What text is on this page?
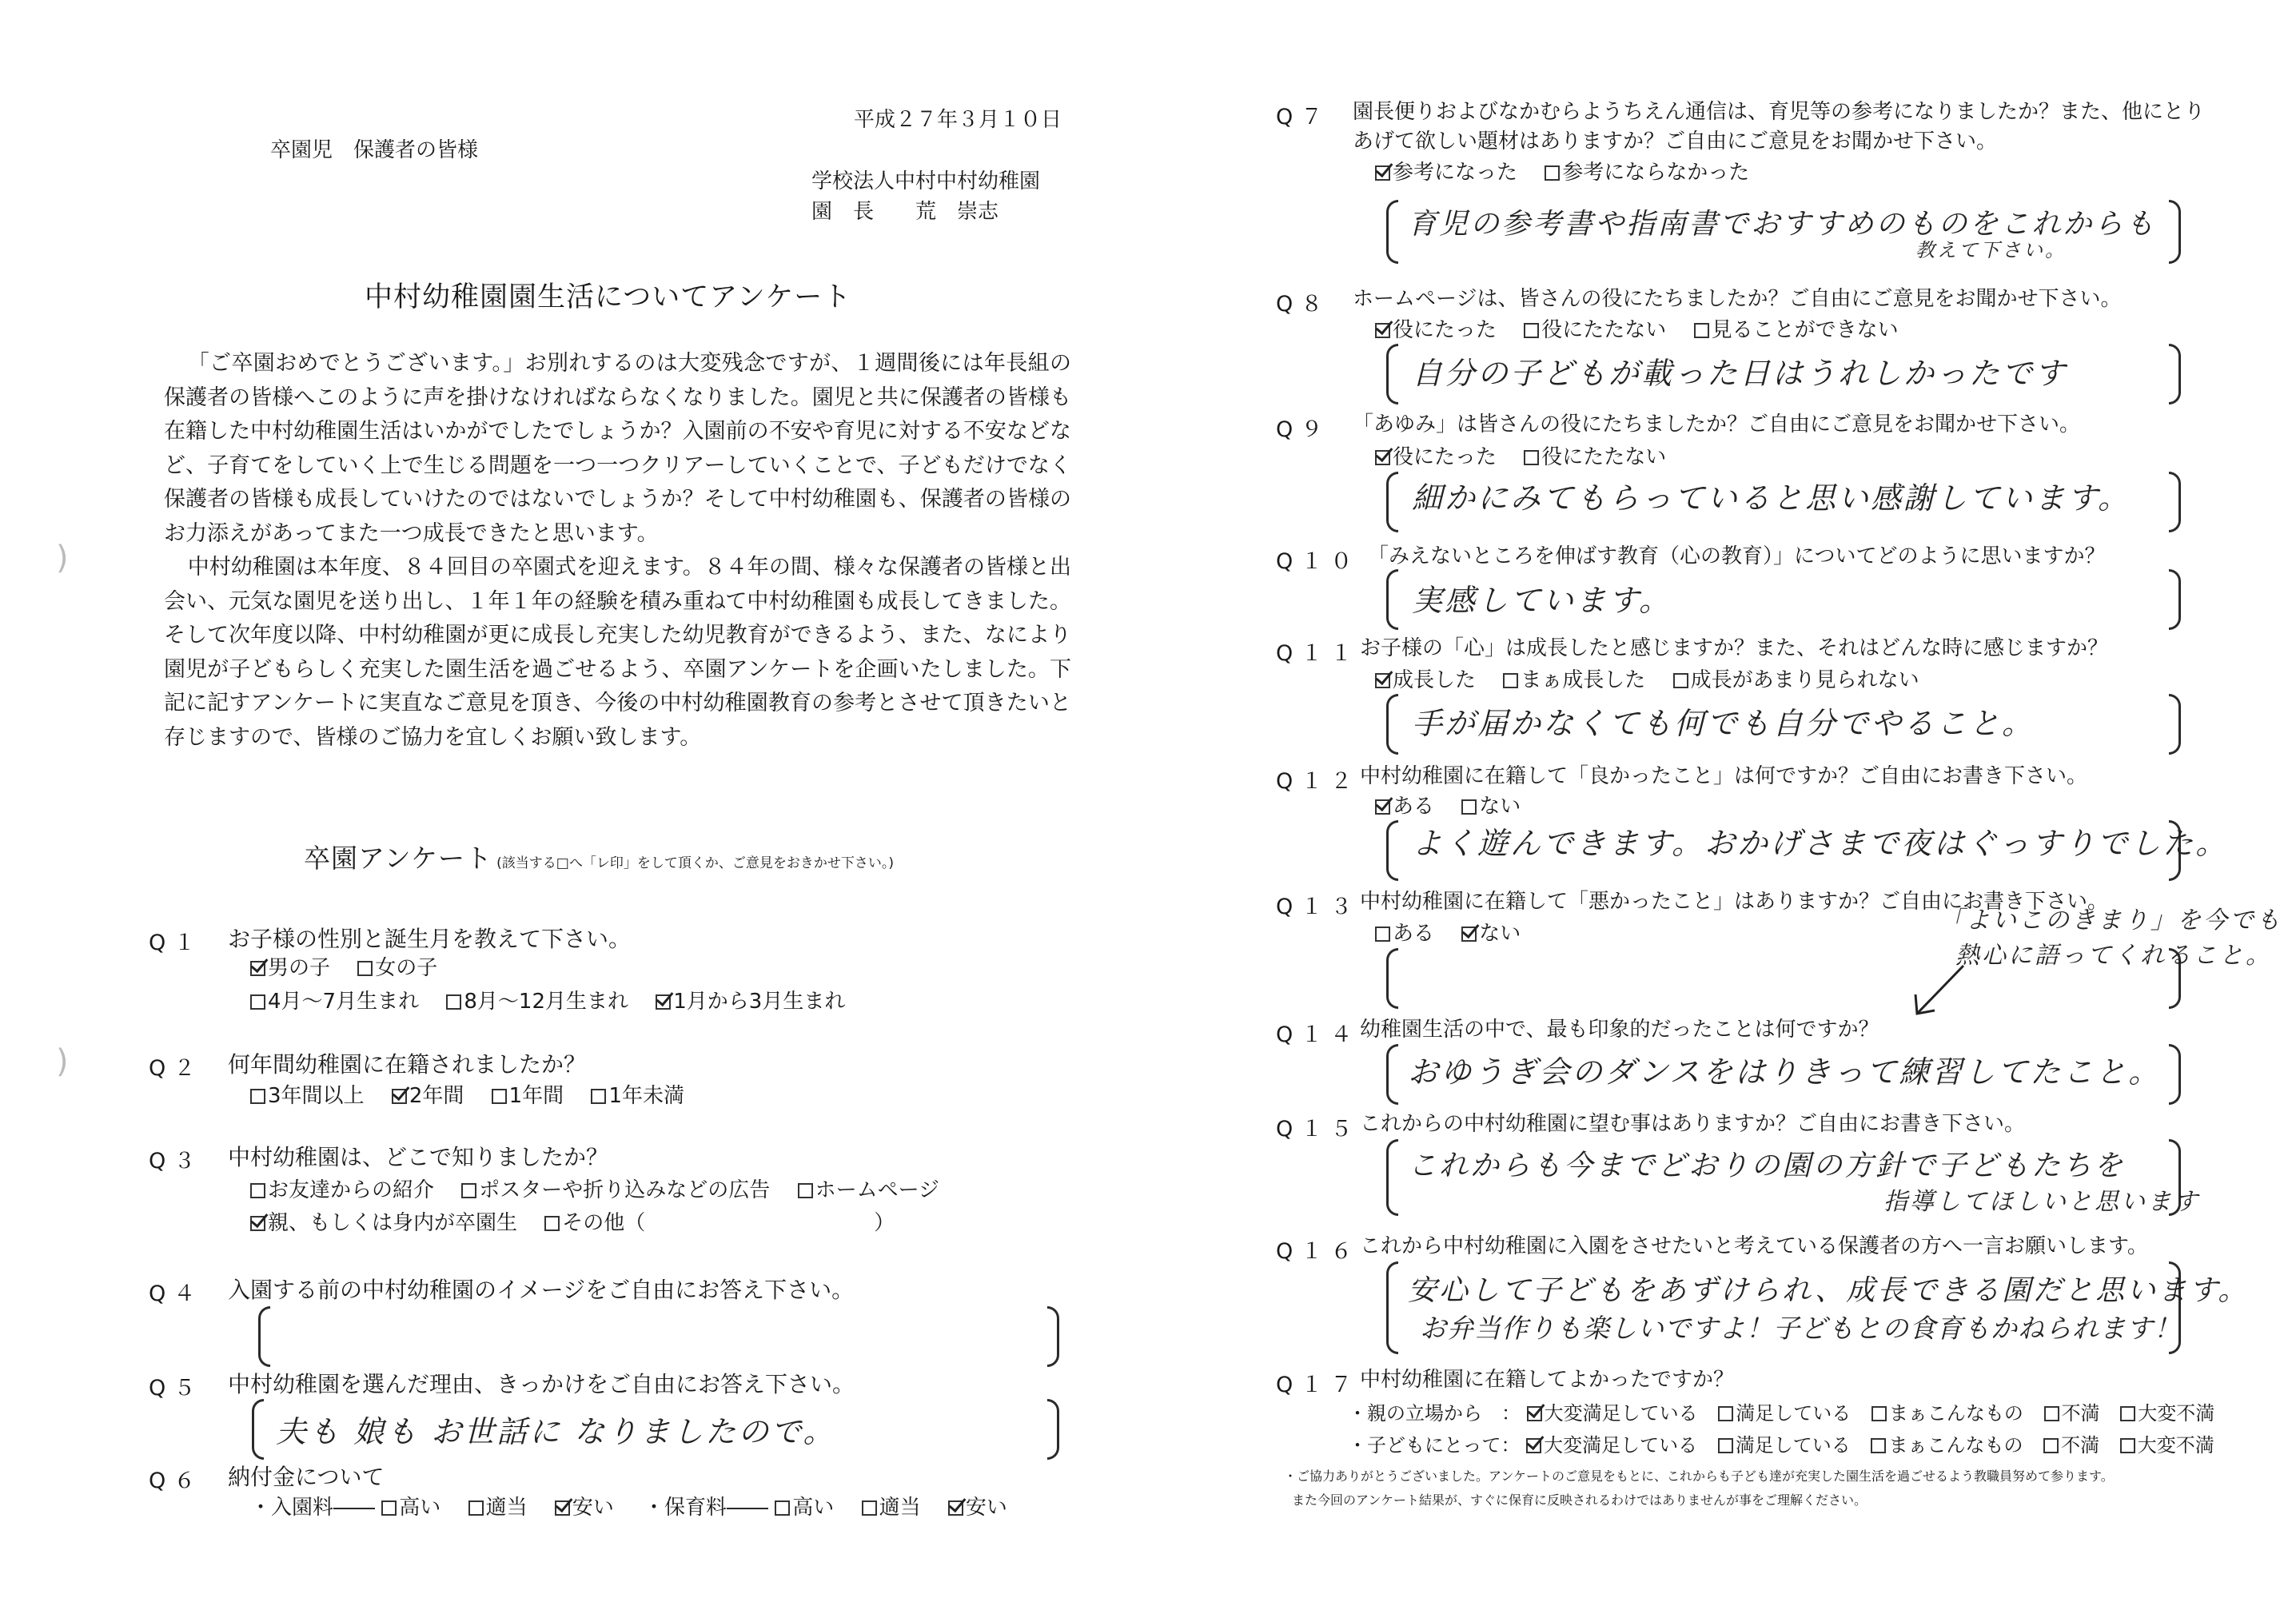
平成２７年３月１０日
卒園児　保護者の皆様
学校法人中村中村幼稚園
園　長　　荒　崇志
中村幼稚園園生活についてアンケート

「ご卒園おめでとうございます。」お別れするのは大変残念ですが、１週間後には年長組の保護者の皆様へこのように声を掛けなければならなくなりました。園児と共に保護者の皆様も在籍した中村幼稚園生活はいかがでしたでしょうか？入園前の不安や育児に対する不安などなど、子育てをしていく上で生じる問題を一つ一つクリアーしていくことで、子どもだけでなく保護者の皆様も成長していけたのではないでしょうか？そして中村幼稚園も、保護者の皆様のお力添えがあってまた一つ成長できたと思います。

中村幼稚園は本年度、８４回目の卒園式を迎えます。８４年の間、様々な保護者の皆様と出会い、元気な園児を送り出し、１年１年の経験を積み重ねて中村幼稚園も成長してきました。そして次年度以降、中村幼稚園が更に成長し充実した幼児教育ができるよう、また、なにより園児が子どもらしく充実した園生活を過ごせるよう、卒園アンケートを企画いたしました。下記に記すアンケートに実直なご意見を頂き、今後の中村幼稚園教育の参考とさせて頂きたいと存じますので、皆様のご協力を宜しくお願い致します。

卒園アンケート (該当する□へ「レ印」をして頂くか、ご意見をおきかせ下さい。)
Q１ お子様の性別と誕生月を教えて下さい。
男の子 女の子
4月～7月生まれ 8月～12月生まれ 1月から3月生まれ
Q２ 何年間幼稚園に在籍されましたか？
3年間以上 2年間 1年間 1年未満
Q３ 中村幼稚園は、どこで知りましたか？
お友達からの紹介 ポスターや折り込みなどの広告 ホームページ
親、もしくは身内が卒園生 その他（　　　　　　　　　　　）
Q４ 入園する前の中村幼稚園のイメージをご自由にお答え下さい。
Q５ 中村幼稚園を選んだ理由、きっかけをご自由にお答え下さい。
夫も 娘も お世話に なりましたので。
Q６ 納付金について
・入園料―― 高い 適当 安い	・保育料―― 高い 適当 安い
)
)
Q７ 園長便りおよびなかむらようちえん通信は、育児等の参考になりましたか？また、他にとり
あげて欲しい題材はありますか？ご自由にご意見をお聞かせ下さい。
参考になった 参考にならなかった
育児の参考書や指南書でおすすめのものをこれからも
教えて下さい。
Q８ ホームページは、皆さんの役にたちましたか？ご自由にご意見をお聞かせ下さい。
役にたった 役にたたない 見ることができない
自分の子どもが載った日はうれしかったです
Q９ 「あゆみ」は皆さんの役にたちましたか？ご自由にご意見をお聞かせ下さい。
役にたった 役にたたない
細かにみてもらっていると思い感謝しています。
Q１０ 「みえないところを伸ばす教育（心の教育）」についてどのように思いますか？
実感しています。
Q１１ お子様の「心」は成長したと感じますか？また、それはどんな時に感じますか？
成長した まぁ成長した 成長があまり見られない
手が届かなくても何でも自分でやること。
Q１２ 中村幼稚園に在籍して「良かったこと」は何ですか？ご自由にお書き下さい。
ある ない
よく遊んできます。おかげさまで夜はぐっすりでした。
Q１３ 中村幼稚園に在籍して「悪かったこと」はありますか？ご自由にお書き下さい。
ある ない	「よいこのきまり」を今でも
熱心に語ってくれること。
Q１４ 幼稚園生活の中で、最も印象的だったことは何ですか？
おゆうぎ会のダンスをはりきって練習してたこと。
Q１５ これからの中村幼稚園に望む事はありますか？ご自由にお書き下さい。
これからも今までどおりの園の方針で子どもたちを
指導してほしいと思います
Q１６ これから中村幼稚園に入園をさせたいと考えている保護者の方へ一言お願いします。
安心して子どもをあずけられ、成長できる園だと思います。
お弁当作りも楽しいですよ！子どもとの食育もかねられます！
Q１７ 中村幼稚園に在籍してよかったですか？
・親の立場から　： 大変満足している 満足している まぁこんなもの 不満 大変不満
・子どもにとって： 大変満足している 満足している まぁこんなもの 不満 大変不満
・ご協力ありがとうございました。アンケートのご意見をもとに、これからも子ども達が充実した園生活を過ごせるよう教職員努めて参ります。
また今回のアンケート結果が、すぐに保育に反映されるわけではありませんが事をご理解ください。
